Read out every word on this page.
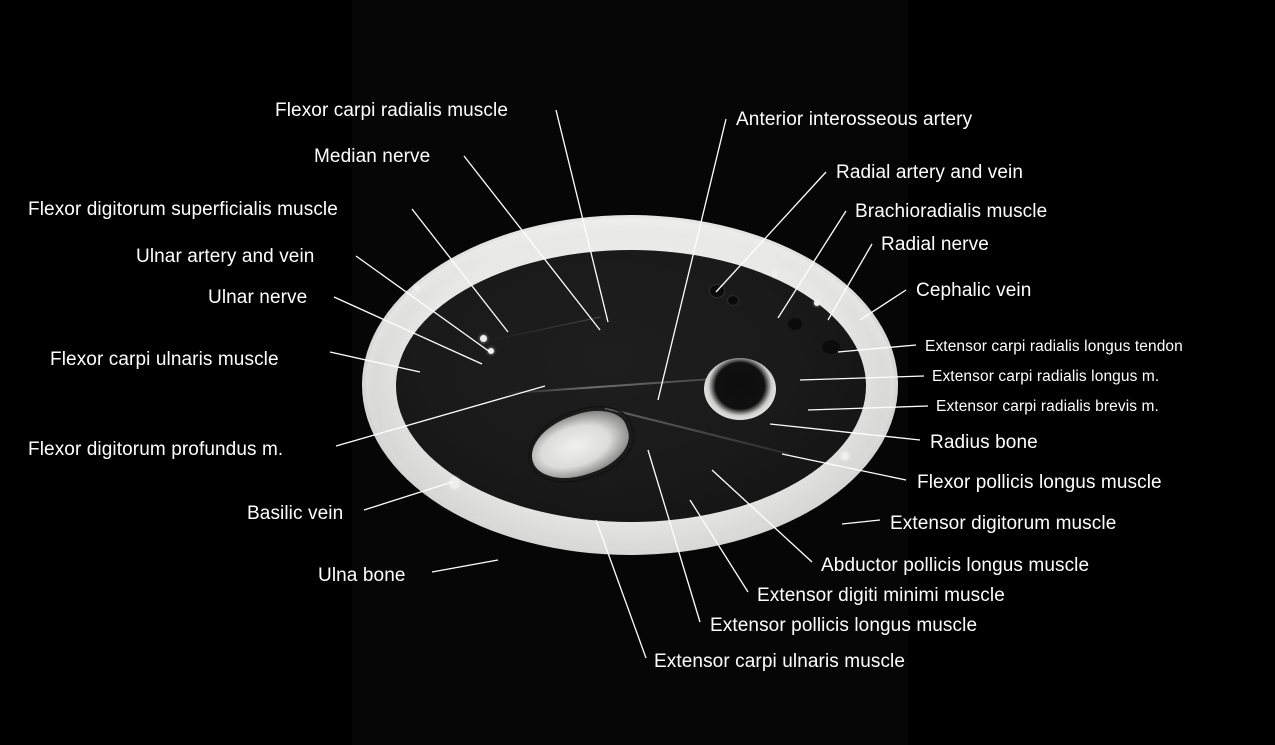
Flexor carpi radialis muscle
Median nerve
Flexor digitorum superficialis muscle
Ulnar artery and vein
Ulnar nerve
Flexor carpi ulnaris muscle
Flexor digitorum profundus m.
Basilic vein
Ulna bone
Anterior interosseous artery
Radial artery and vein
Brachioradialis muscle
Radial nerve
Cephalic vein
Extensor carpi radialis longus tendon
Extensor carpi radialis longus m.
Extensor carpi radialis brevis m.
Radius bone
Flexor pollicis longus muscle
Extensor digitorum muscle
Abductor pollicis longus muscle
Extensor digiti minimi muscle
Extensor pollicis longus muscle
Extensor carpi ulnaris muscle
